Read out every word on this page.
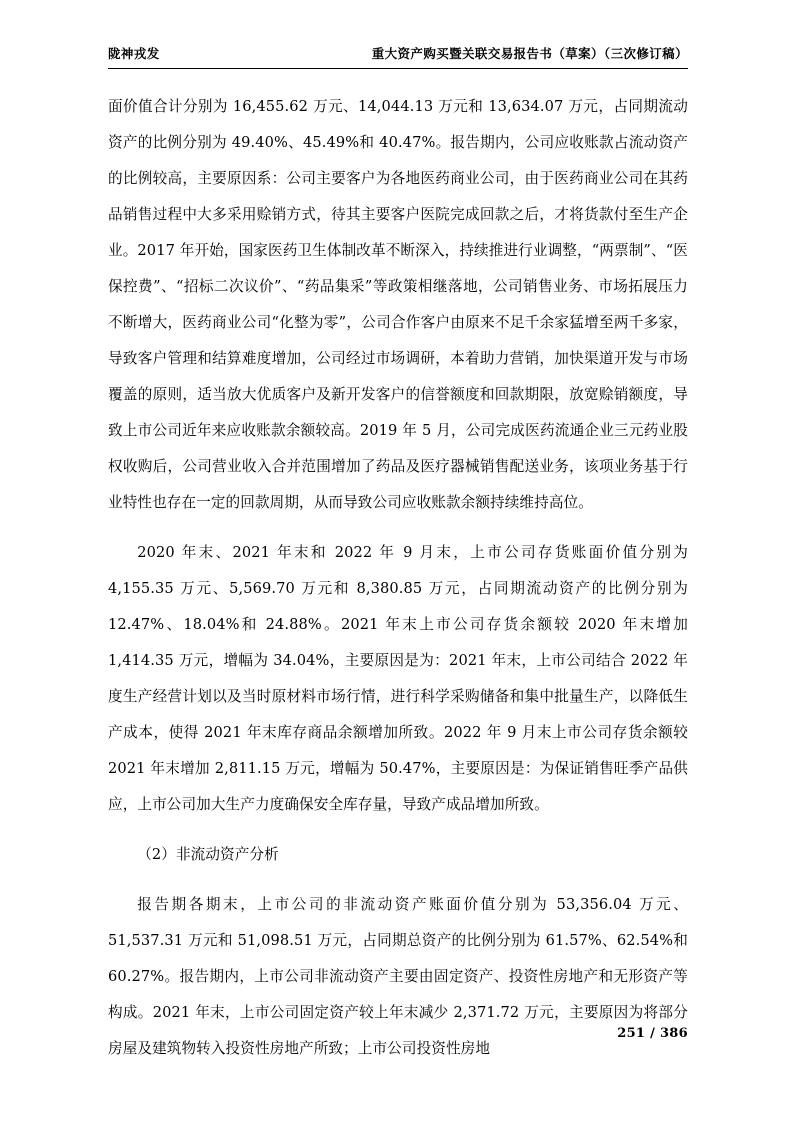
陇神戎发	重大资产购买暨关联交易报告书（草案）（三次修订稿）

面价值合计分别为 16,455.62 万元、14,044.13 万元和 13,634.07 万元，占同期流动资产的比例分别为 49.40%、45.49%和 40.47%。报告期内，公司应收账款占流动资产的比例较高，主要原因系：公司主要客户为各地医药商业公司，由于医药商业公司在其药品销售过程中大多采用赊销方式，待其主要客户医院完成回款之后，才将货款付至生产企业。2017 年开始，国家医药卫生体制改革不断深入，持续推进行业调整，“两票制”、“医保控费”、“招标二次议价”、“药品集采”等政策相继落地，公司销售业务、市场拓展压力不断增大，医药商业公司“化整为零”，公司合作客户由原来不足千余家猛增至两千多家，导致客户管理和结算难度增加，公司经过市场调研，本着助力营销，加快渠道开发与市场覆盖的原则，适当放大优质客户及新开发客户的信誉额度和回款期限，放宽赊销额度，导致上市公司近年来应收账款余额较高。2019 年 5 月，公司完成医药流通企业三元药业股权收购后，公司营业收入合并范围增加了药品及医疗器械销售配送业务，该项业务基于行业特性也存在一定的回款周期，从而导致公司应收账款余额持续维持高位。

2020 年末、2021 年末和 2022 年 9 月末，上市公司存货账面价值分别为 4,155.35 万元、5,569.70 万元和 8,380.85 万元，占同期流动资产的比例分别为 12.47%、18.04%和 24.88%。2021 年末上市公司存货余额较 2020 年末增加 1,414.35 万元，增幅为 34.04%，主要原因是为：2021 年末，上市公司结合 2022 年度生产经营计划以及当时原材料市场行情，进行科学采购储备和集中批量生产，以降低生产成本，使得 2021 年末库存商品余额增加所致。2022 年 9 月末上市公司存货余额较 2021 年末增加 2,811.15 万元，增幅为 50.47%，主要原因是：为保证销售旺季产品供应，上市公司加大生产力度确保安全库存量，导致产成品增加所致。

（2）非流动资产分析

报告期各期末，上市公司的非流动资产账面价值分别为 53,356.04 万元、51,537.31 万元和 51,098.51 万元，占同期总资产的比例分别为 61.57%、62.54%和 60.27%。报告期内，上市公司非流动资产主要由固定资产、投资性房地产和无形资产等构成。2021 年末，上市公司固定资产较上年末减少 2,371.72 万元，主要原因为将部分房屋及建筑物转入投资性房地产所致；上市公司投资性房地

251 / 386
